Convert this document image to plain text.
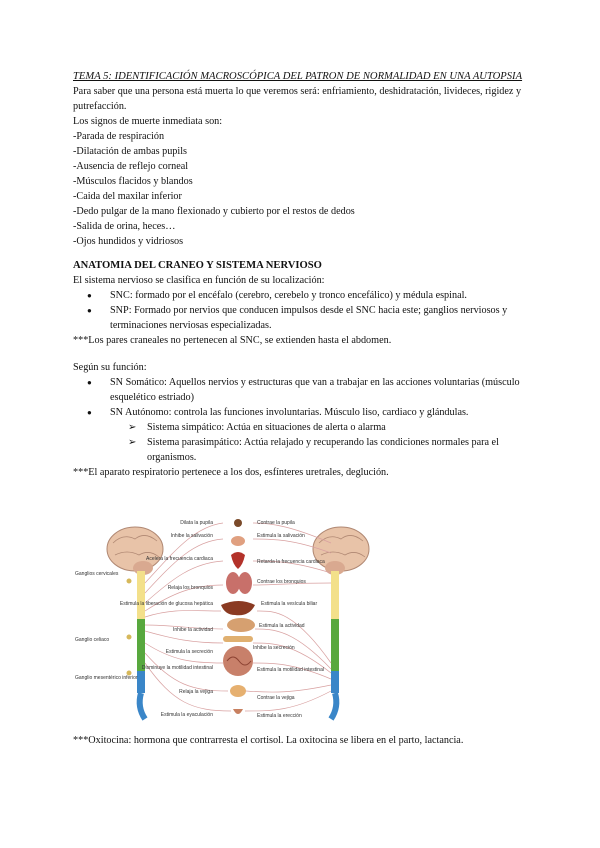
TEMA 5: IDENTIFICACIÓN MACROSCÓPICA DEL PATRON DE NORMALIDAD EN UNA AUTOPSIA

Para saber que una persona está muerta lo que veremos será: enfriamiento, deshidratación, livideces, rigidez y putrefacción.

Los signos de muerte inmediata son:

-Parada de respiración

-Dilatación de ambas pupils

-Ausencia de reflejo corneal

-Músculos flacidos y blandos

-Caida del maxilar inferior

-Dedo pulgar de la mano flexionado y cubierto por el restos de dedos

-Salida de orina, heces…

-Ojos hundidos y vidriosos

ANATOMIA DEL CRANEO Y SISTEMA NERVIOSO

El sistema nervioso se clasifica en función de su localización:

● SNC: formado por el encéfalo (cerebro, cerebelo y tronco encefálico) y médula espinal.
● SNP: Formado por nervios que conducen impulsos desde el SNC hacia este; ganglios nerviosos y terminaciones nerviosas especializadas.

***Los pares craneales no pertenecen al SNC, se extienden hasta el abdomen.

Según su función:

● SN Somático: Aquellos nervios y estructuras que van a trabajar en las acciones voluntarias (músculo esquelético estriado)
● SN Autónomo: controla las funciones involuntarias. Músculo liso, cardiaco y glándulas.
➢ Sistema simpático: Actúa en situaciones de alerta o alarma
➢ Sistema parasimpático: Actúa relajado y recuperando las condiciones normales para el organismos.

***El aparato respiratorio pertenece a los dos, esfínteres uretrales, deglución.

Dilata la pupila
Inhibe la salivación
Acelera la frecuencia cardiaca
Relaja los bronquios
Estimula la liberación de glucosa hepática
Inhibe la actividad
Estimula la secreción
Disminuye la motilidad intestinal
Relaja la vejiga
Estimula la eyaculación
Contrae la pupila
Estimula la salivación
Retarda la frecuencia cardiaca
Contrae los bronquios
Estimula la vesícula biliar
Estimula la actividad
Inhibe la secreción
Estimula la motilidad intestinal
Contrae la vejiga
Estimula la erección
Ganglios cervicales
Ganglio celiaco
Ganglio mesentérico inferior

***Oxitocina: hormona que contrarresta el cortisol. La oxitocina se libera en el parto, lactancia.
